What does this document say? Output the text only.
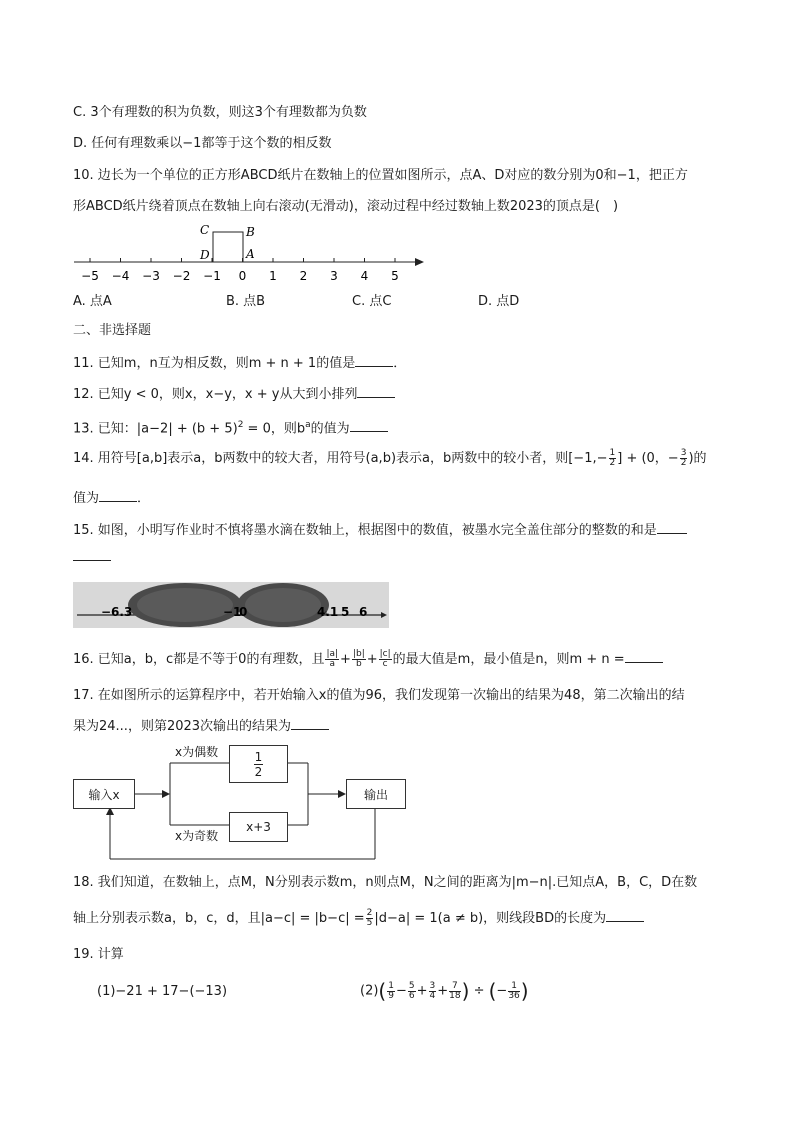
C. 3个有理数的积为负数，则这3个有理数都为负数
D. 任何有理数乘以−1都等于这个数的相反数
10. 边长为一个单位的正方形ABCD纸片在数轴上的位置如图所示，点A、D对应的数分别为0和−1，把正方
形ABCD纸片绕着顶点在数轴上向右滚动(无滑动)，滚动过程中经过数轴上数2023的顶点是(　)
−5 −4 −3 −2 −1 0 1 2 3 4 5
C	B
D	A
A. 点A	B. 点B	C. 点C	D. 点D
二、非选择题
11. 已知m，n互为相反数，则m + n + 1的值是	．
12. 已知y < 0，则x，x−y，x + y从大到小排列
13. 已知：$|a-2| + (b + 5)^2 = 0$，则$b^a$的值为
14. 用符号[a,b]表示a，b两数中的较大者，用符号(a,b)表示a，b两数中的较小者，则[$-1,- \frac{1}{2}$ ] + (0，− $\frac{3}{2}$ )的
值为	．
15. 如图，小明写作业时不慎将墨水滴在数轴上，根据图中的数值，被墨水完全盖住部分的整数的和是
−6.3	−1
0	4.1 5 6
16. 已知a，b，c都是不等于0的有理数，且 $\frac{|a|}{a} + \frac{|b|}{b} + \frac{|c|}{c}$ 的最大值是m，最小值是n，则m + n =
17. 在如图所示的运算程序中，若开始输入x的值为96，我们发现第一次输出的结果为48，第二次输出的结
果为24...，则第2023次输出的结果为
输入x
x为偶数	$\frac{1}{2}$
x+3
x为奇数
输出
18. 我们知道，在数轴上，点M，N分别表示数m，n则点M，N之间的距离为|m−n|.已知点A，B，C，D在数
轴上分别表示数a，b，c，d，且$|a-c| = |b-c| = \frac{2}{5} |d-a| = 1(a \ne b)$，则线段BD的长度为
19. 计算
(1)−21 + 17−(−13)	$(2)( \frac{1}{9} - \frac{5}{6} + \frac{3}{4} + \frac{7}{18}$ ) ÷ (− $\frac{1}{36}$ )
